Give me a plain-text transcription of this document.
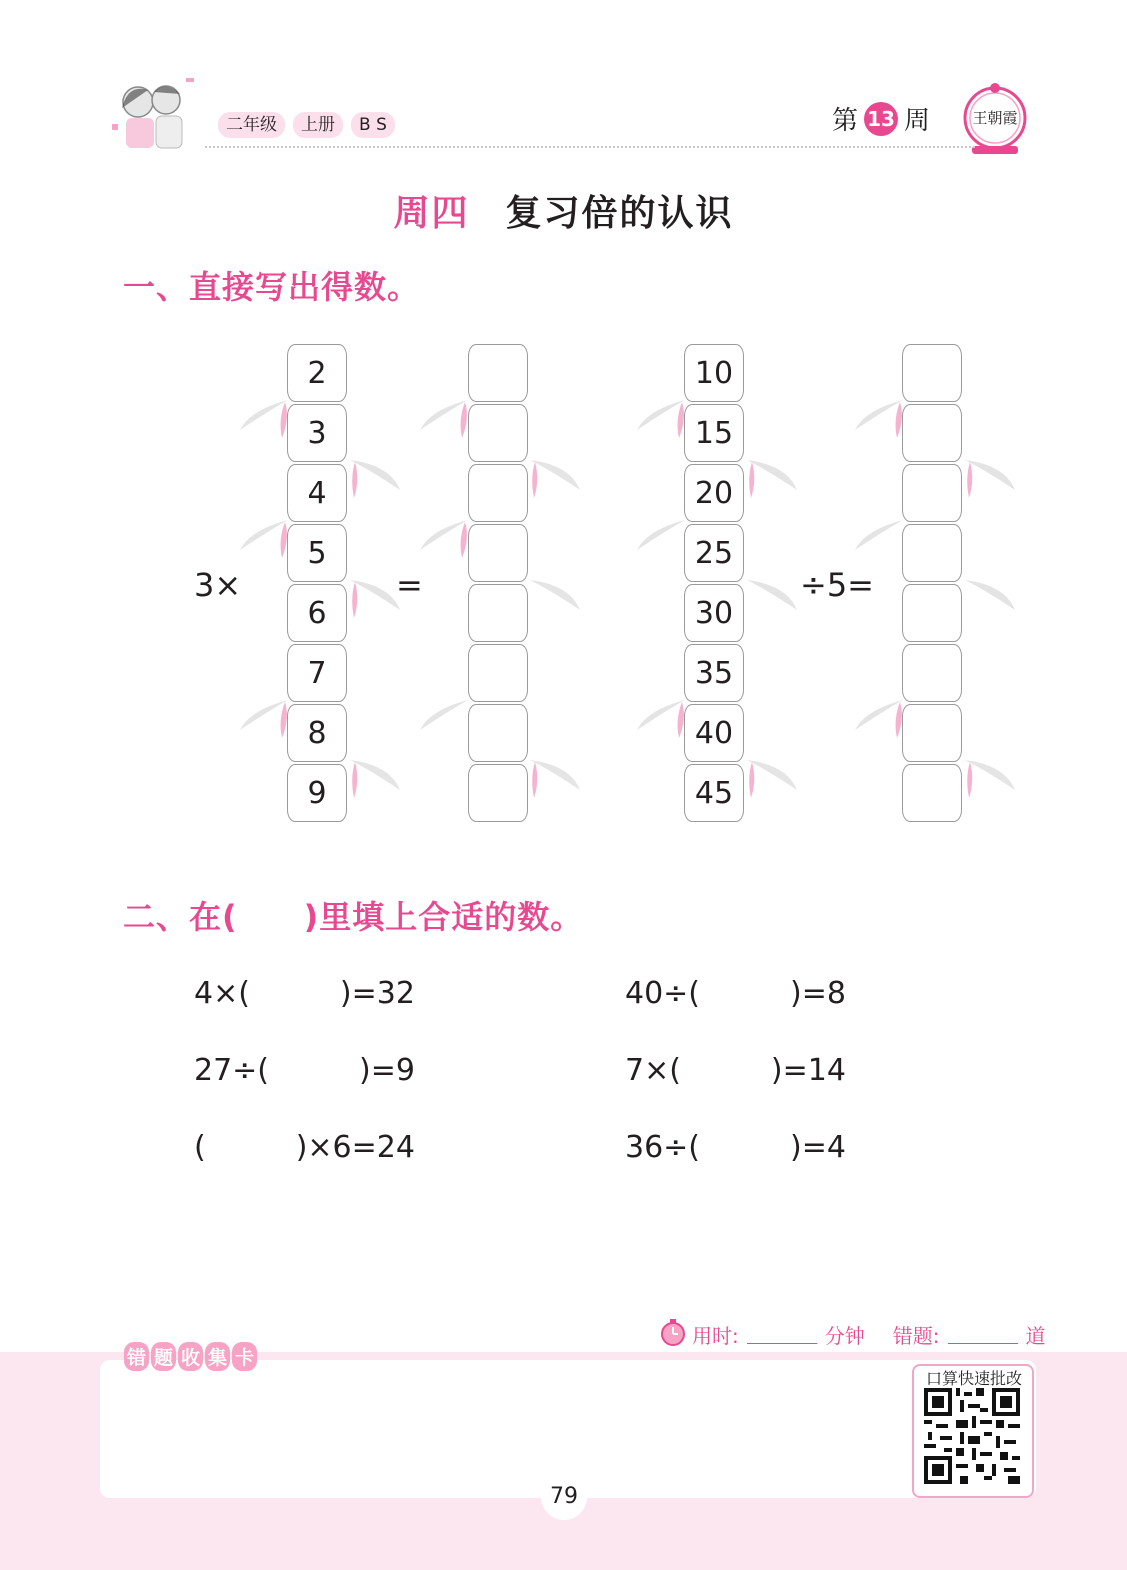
二年级	上册	B S	第 13 周	王朝霞
周四 复习倍的认识
一、直接写出得数。
3×
2
3
4
5
6
7
8
9
=
10
15
20
25
30
35
40
45
÷5=
二、在(　　)里填上合适的数。
4×(　　　)=32
27÷(　　　)=9
(　　　)×6=24
40÷(　　　)=8
7×(　　　)=14
36÷(　　　)=4
用时:	分钟 错题:	道
错 题 收 集 卡
口算快速批改
79
